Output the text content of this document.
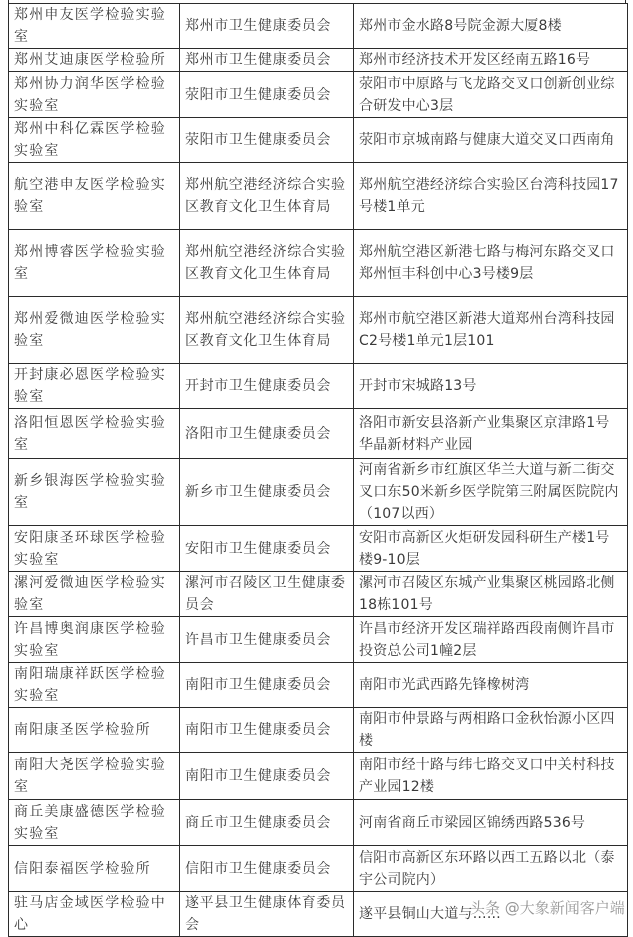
郑州申友医学检验实验室	郑州市卫生健康委员会	郑州市金水路8号院金源大厦8楼
郑州艾迪康医学检验所	郑州市卫生健康委员会	郑州市经济技术开发区经南五路16号
郑州协力润华医学检验实验室	荥阳市卫生健康委员会	荥阳市中原路与飞龙路交叉口创新创业综合研发中心3层
郑州中科亿霖医学检验实验室	荥阳市卫生健康委员会	荥阳市京城南路与健康大道交叉口西南角
航空港申友医学检验实验室	郑州航空港经济综合实验区教育文化卫生体育局	郑州航空港经济综合实验区台湾科技园17号楼1单元
郑州博睿医学检验实验室	郑州航空港经济综合实验区教育文化卫生体育局	郑州航空港区新港七路与梅河东路交叉口郑州恒丰科创中心3号楼9层
郑州爱微迪医学检验实验室	郑州航空港经济综合实验区教育文化卫生体育局	郑州市航空港区新港大道郑州台湾科技园C2号楼1单元1层101
开封康必恩医学检验实验室	开封市卫生健康委员会	开封市宋城路13号
洛阳恒恩医学检验实验室	洛阳市卫生健康委员会	洛阳市新安县洛新产业集聚区京津路1号华晶新材料产业园
新乡银海医学检验实验室	新乡市卫生健康委员会	河南省新乡市红旗区华兰大道与新二街交叉口东50米新乡医学院第三附属医院院内（107以西）
安阳康圣环球医学检验实验室	安阳市卫生健康委员会	安阳市高新区火炬研发园科研生产楼1号楼9-10层
漯河爱微迪医学检验实验室	漯河市召陵区卫生健康委员会	漯河市召陵区东城产业集聚区桃园路北侧18栋101号
许昌博奥润康医学检验实验室	许昌市卫生健康委员会	许昌市经济开发区瑞祥路西段南侧许昌市投资总公司1幢2层
南阳瑞康祥跃医学检验实验室	南阳市卫生健康委员会	南阳市光武西路先锋橡树湾
南阳康圣医学检验所	南阳市卫生健康委员会	南阳市仲景路与两相路口金秋怡源小区四楼
南阳大尧医学检验实验室	南阳市卫生健康委员会	南阳市经十路与纬七路交叉口中关村科技产业园12楼
商丘美康盛德医学检验实验室	商丘市卫生健康委员会	河南省商丘市梁园区锦绣西路536号
信阳泰福医学检验所	信阳市卫生健康委员会	信阳市高新区东环路以西工五路以北（泰宇公司院内）
驻马店金域医学检验中心	遂平县卫生健康体育委员会	遂平县铜山大道与……
头条 @大象新闻客户端
